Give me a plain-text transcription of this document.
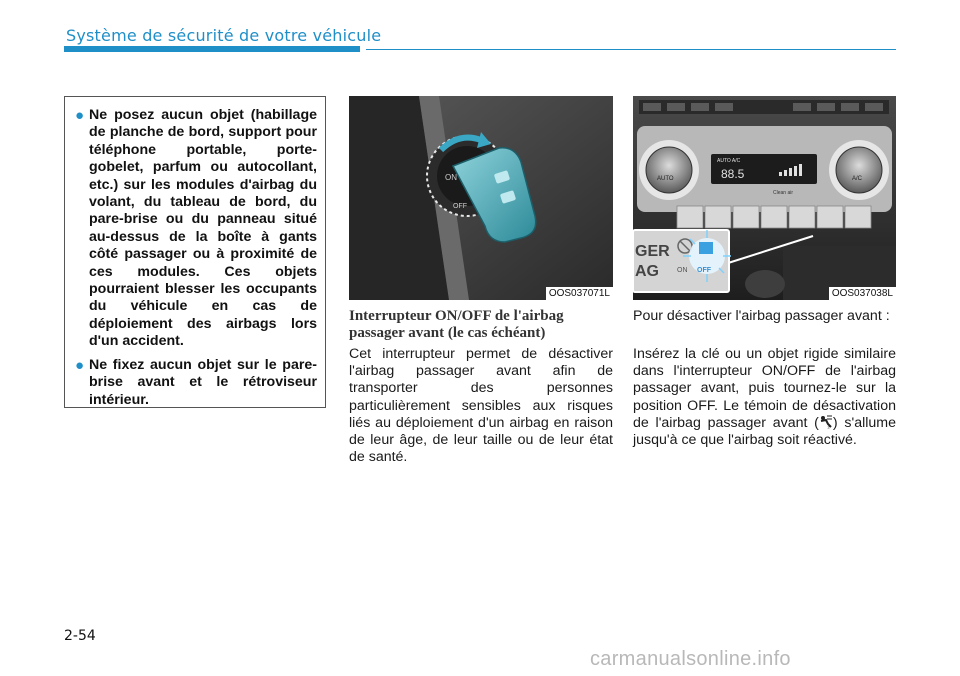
Système de sécurité de votre véhicule
● Ne posez aucun objet (habillage de planche de bord, support pour téléphone portable, porte-gobelet, parfum ou autocollant, etc.) sur les modules d'airbag du volant, du tableau de bord, du pare-brise ou du panneau situé au-dessus de la boîte à gants côté passager ou à proximité de ces modules. Ces objets pourraient blesser les occupants du véhicule en cas de déploiement des airbags lors d'un accident.
● Ne fixez aucun objet sur le pare-brise avant et le rétroviseur intérieur.
ON
OFF
OOS037071L
AUTO	A/C
AUTO A/C
88.5
Clean air
GER
AG	ON OFF
OOS037038L
Interrupteur ON/OFF de l'airbag passager avant (le cas échéant)
Cet interrupteur permet de désactiver l'airbag passager avant afin de transporter des personnes particulièrement sensibles aux risques liés au déploiement d'un airbag en raison de leur âge, de leur taille ou de leur état de santé.
Pour désactiver l'airbag passager avant :
Insérez la clé ou un objet rigide similaire dans l'interrupteur ON/OFF de l'airbag passager avant, puis tournez-le sur la position OFF. Le témoin de désactivation de l'airbag passager avant ( 2 ) s'allume jusqu'à ce que l'airbag soit réactivé.
2-54
carmanualsonline.info
